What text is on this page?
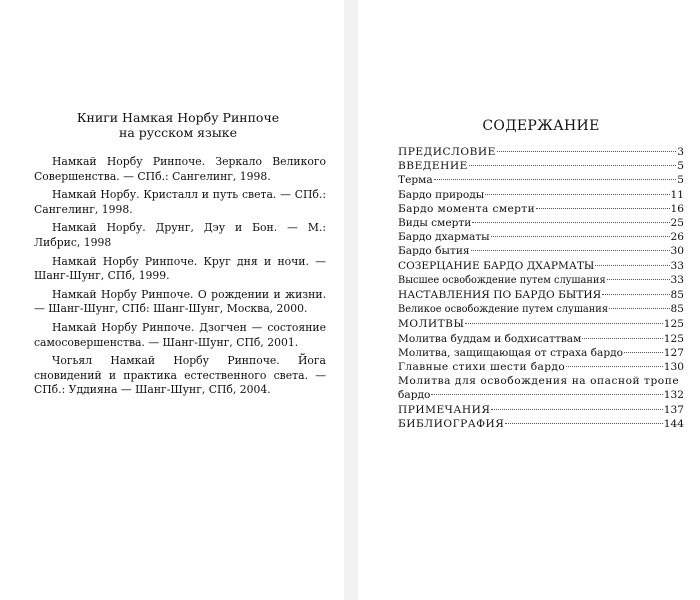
Книги Намкая Норбу Ринпоче
на русском языке
Намкай Норбу Ринпоче. Зеркало Великого Совершенства. — СПб.: Сангелинг, 1998.
Намкай Норбу. Кристалл и путь света. — СПб.: Сангелинг, 1998.
Намкай Норбу. Друнг, Дэу и Бон. — М.: Либрис, 1998
Намкай Норбу Ринпоче. Круг дня и ночи. — Шанг-Шунг, СПб, 1999.
Намкай Норбу Ринпоче. О рождении и жизни. — Шанг-Шунг, СПб: Шанг-Шунг, Москва, 2000.
Намкай Норбу Ринпоче. Дзогчен — состояние самосовершенства. — Шанг-Шунг, СПб, 2001.
Чогьял Намкай Норбу Ринпоче. Йога сновидений и практика естественного света. — СПб.: Уддияна — Шанг-Шунг, СПб, 2004.
СОДЕРЖАНИЕ
ПРЕДИСЛОВИЕ	3
ВВЕДЕНИЕ	5
Терма	5
Бардо природы	11
Бардо момента смерти	16
Виды смерти	25
Бардо дхарматы	26
Бардо бытия	30
СОЗЕРЦАНИЕ БАРДО ДХАРМАТЫ	33
Высшее освобождение путем слушания	33
НАСТАВЛЕНИЯ ПО БАРДО БЫТИЯ	85
Великое освобождение путем слушания	85
МОЛИТВЫ	125
Молитва буддам и бодхисаттвам	125
Молитва, защищающая от страха бардо	127
Главные стихи шести бардо	130
Молитва для освобождения на опасной тропе
бардо	132
ПРИМЕЧАНИЯ	137
БИБЛИОГРАФИЯ	144
